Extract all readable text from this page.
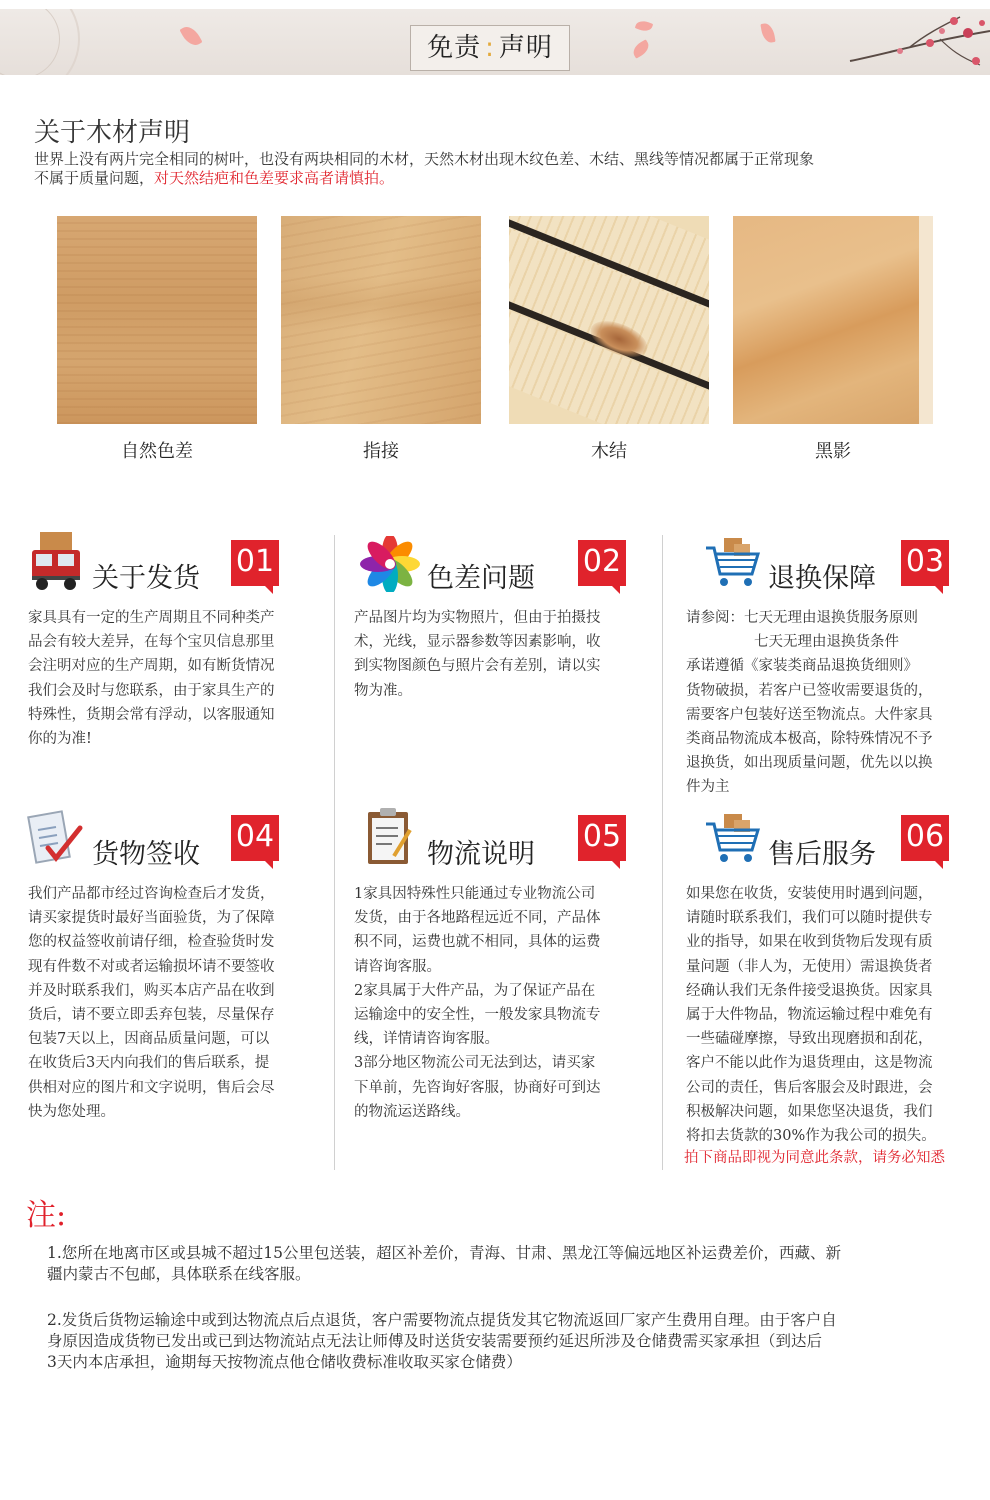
免责 : 声明
关于木材声明
世界上没有两片完全相同的树叶，也没有两块相同的木材，天然木材出现木纹色差、木结、黑线等情况都属于正常现象
不属于质量问题，对天然结疤和色差要求高者请慎拍。
自然色差	指接	木结	黑影
关于发货 01

家具具有一定的生产周期且不同种类产

品会有较大差异，在每个宝贝信息那里

会注明对应的生产周期，如有断货情况

我们会及时与您联系，由于家具生产的

特殊性，货期会常有浮动，以客服通知

你的为准!

色差问题 02

产品图片均为实物照片，但由于拍摄技

术，光线，显示器参数等因素影响，收

到实物图颜色与照片会有差别，请以实

物为准。

退换保障 03

请参阅：七天无理由退换货服务原则

七天无理由退换货条件

承诺遵循《家装类商品退换货细则》

货物破损，若客户已签收需要退货的，

需要客户包装好送至物流点。大件家具

类商品物流成本极高，除特殊情况不予

退换货，如出现质量问题，优先以以换

件为主

货物签收
04

我们产品都市经过咨询检查后才发货，

请买家提货时最好当面验货，为了保障

您的权益签收前请仔细，检查验货时发

现有件数不对或者运输损坏请不要签收

并及时联系我们，购买本店产品在收到

货后，请不要立即丢弃包装，尽量保存

包装7天以上，因商品质量问题，可以

在收货后3天内向我们的售后联系，提

供相对应的图片和文字说明，售后会尽

快为您处理。

物流说明
05

1家具因特殊性只能通过专业物流公司

发货，由于各地路程远近不同，产品体

积不同，运费也就不相同，具体的运费

请咨询客服。

2家具属于大件产品，为了保证产品在

运输途中的安全性，一般发家具物流专

线，详情请咨询客服。

3部分地区物流公司无法到达，请买家

下单前，先咨询好客服，协商好可到达

的物流运送路线。

售后服务
06

如果您在收货，安装使用时遇到问题，

请随时联系我们，我们可以随时提供专

业的指导，如果在收到货物后发现有质

量问题（非人为，无使用）需退换货者

经确认我们无条件接受退换货。因家具

属于大件物品，物流运输过程中难免有

一些磕碰摩擦，导致出现磨损和刮花，

客户不能以此作为退货理由，这是物流

公司的责任，售后客服会及时跟进，会

积极解决问题，如果您坚决退货，我们

将扣去货款的30%作为我公司的损失。

拍下商品即视为同意此条款，请务必知悉
注:
1.您所在地离市区或县城不超过15公里包送装，超区补差价，青海、甘肃、黑龙江等偏远地区补运费差价，西藏、新
疆内蒙古不包邮，具体联系在线客服。
2.发货后货物运输途中或到达物流点后点退货，客户需要物流点提货发其它物流返回厂家产生费用自理。由于客户自
身原因造成货物已发出或已到达物流站点无法让师傅及时送货安装需要预约延迟所涉及仓储费需买家承担（到达后
3天内本店承担，逾期每天按物流点他仓储收费标准收取买家仓储费）
